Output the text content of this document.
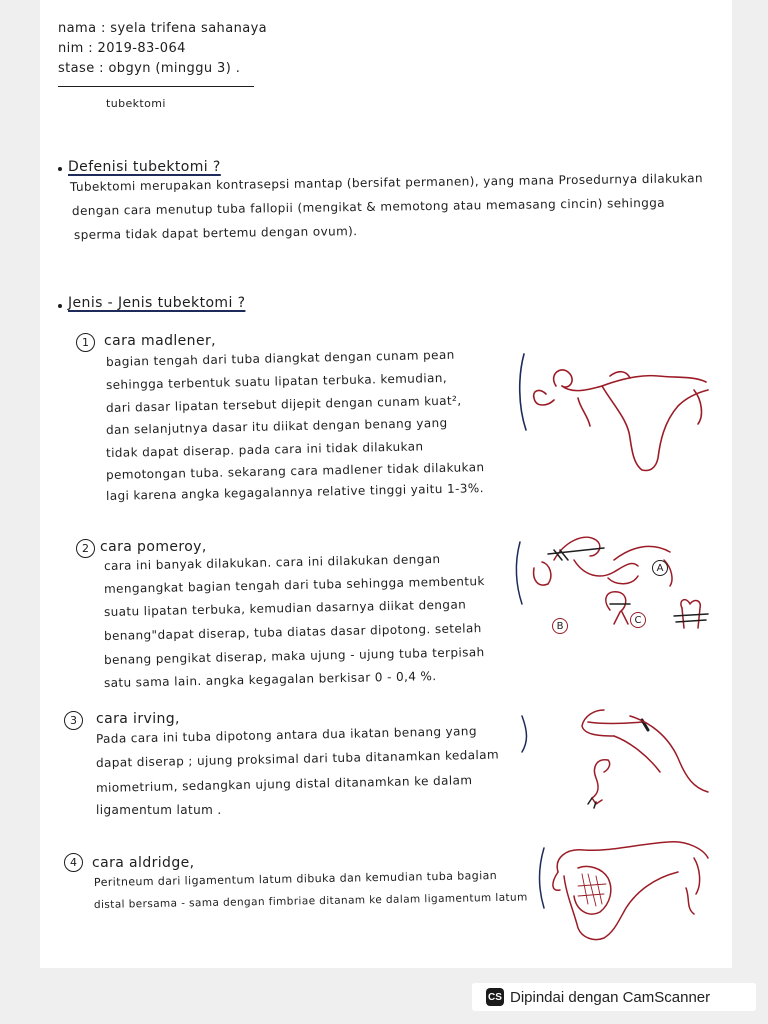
nama : syela trifena sahanaya
nim : 2019-83-064
stase : obgyn (minggu 3) .
tubektomi
Defenisi tubektomi ?
Tubektomi merupakan kontrasepsi mantap (bersifat permanen), yang mana Prosedurnya dilakukan
dengan cara menutup tuba fallopii (mengikat & memotong atau memasang cincin) sehingga
sperma tidak dapat bertemu dengan ovum).
Jenis - Jenis tubektomi ?
1	cara madlener,
bagian tengah dari tuba diangkat dengan cunam pean
sehingga terbentuk suatu lipatan terbuka. kemudian,
dari dasar lipatan tersebut dijepit dengan cunam kuat²,
dan selanjutnya dasar itu diikat dengan benang yang
tidak dapat diserap. pada cara ini tidak dilakukan
pemotongan tuba. sekarang cara madlener tidak dilakukan
lagi karena angka kegagalannya relative tinggi yaitu 1-3%.
2 cara pomeroy,
cara ini banyak dilakukan. cara ini dilakukan dengan
mengangkat bagian tengah dari tuba sehingga membentuk
suatu lipatan terbuka, kemudian dasarnya diikat dengan
benang"dapat diserap, tuba diatas dasar dipotong. setelah
benang pengikat diserap, maka ujung - ujung tuba terpisah
satu sama lain. angka kegagalan berkisar 0 - 0,4 %.
A
B
C
3	cara irving,
Pada cara ini tuba dipotong antara dua ikatan benang yang
dapat diserap ; ujung proksimal dari tuba ditanamkan kedalam
miometrium, sedangkan ujung distal ditanamkan ke dalam
ligamentum latum .
4	cara aldridge,
Peritneum dari ligamentum latum dibuka dan kemudian tuba bagian
distal bersama - sama dengan fimbriae ditanam ke dalam ligamentum latum
CS Dipindai dengan CamScanner
